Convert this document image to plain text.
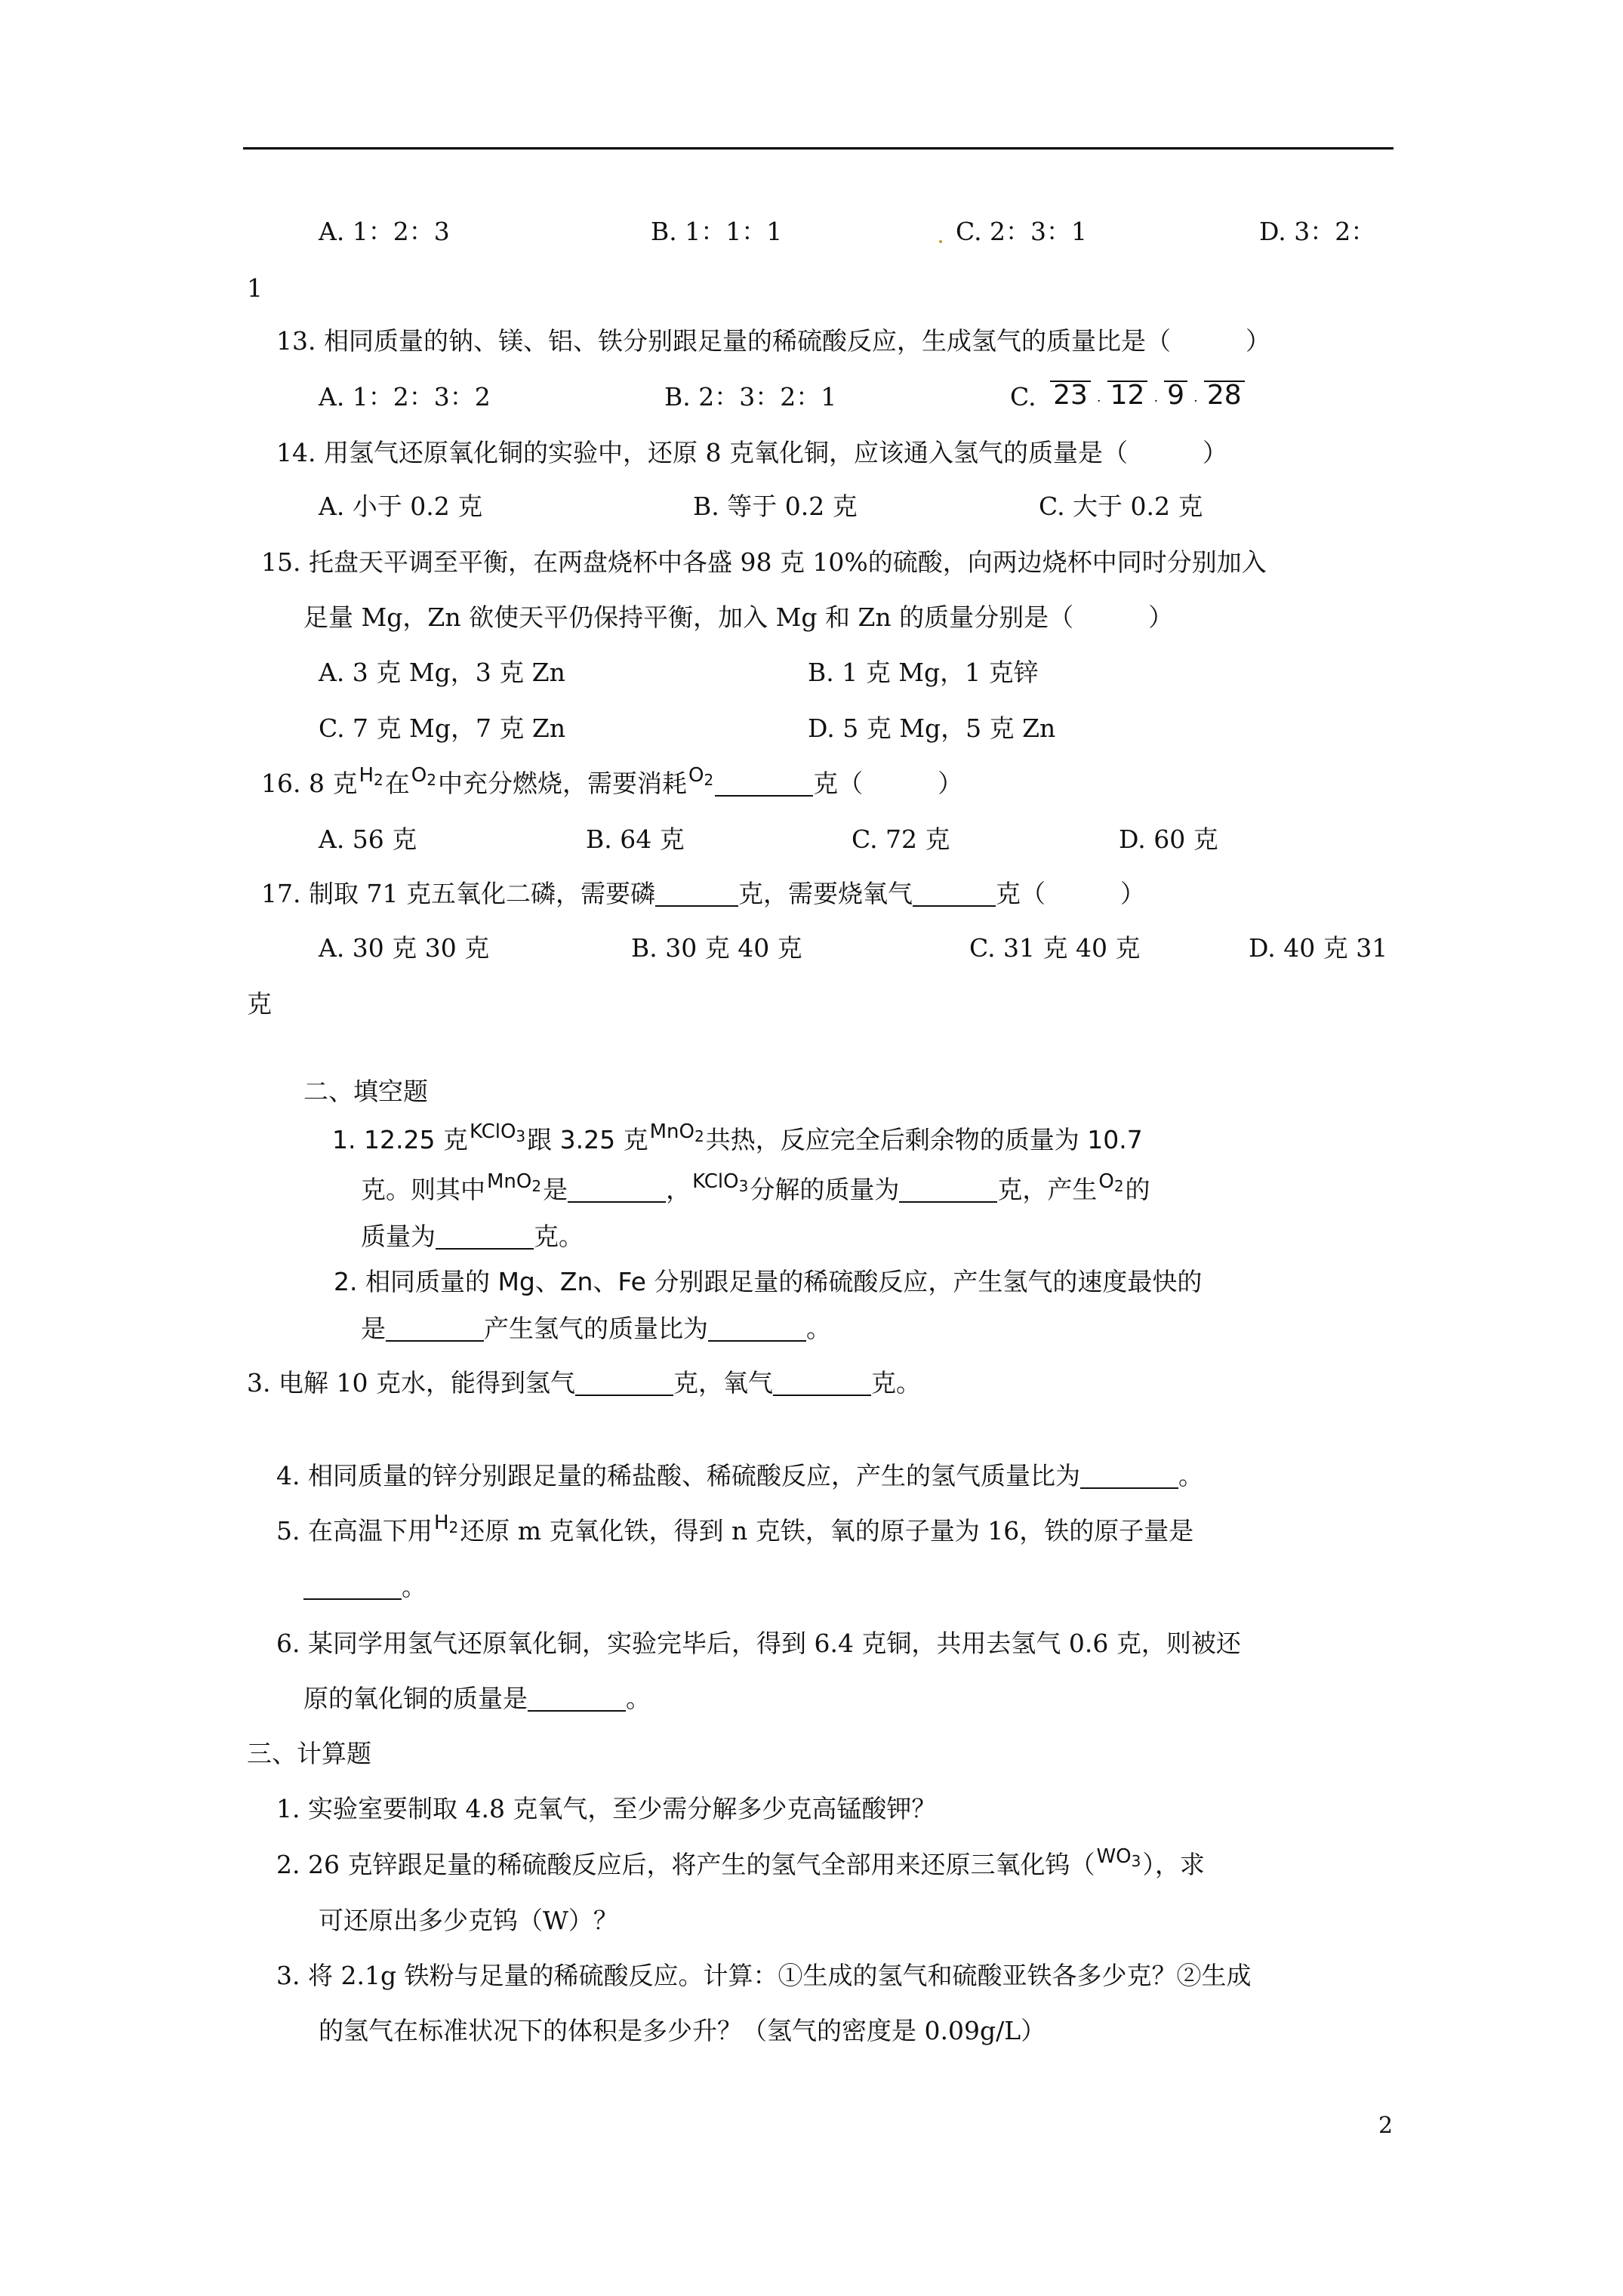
A. 1：2：3	B. 1：1：1	C. 2：3：1	D. 3：2：
1
13. 相同质量的钠、镁、铝、铁分别跟足量的稀硫酸反应，生成氢气的质量比是（　　　）
A. 1：2：3：2	B. 2：3：2：1	C. 23 · 12 · 9 · 28
14. 用氢气还原氧化铜的实验中，还原 8 克氧化铜，应该通入氢气的质量是（　　　）
A. 小于 0.2 克	B. 等于 0.2 克	C. 大于 0.2 克
15. 托盘天平调至平衡，在两盘烧杯中各盛 98 克 10%的硫酸，向两边烧杯中同时分别加入
足量 Mg，Zn 欲使天平仍保持平衡，加入 Mg 和 Zn 的质量分别是（　　　）
A. 3 克 Mg，3 克 Zn	B. 1 克 Mg，1 克锌
C. 7 克 Mg，7 克 Zn	D. 5 克 Mg，5 克 Zn
16. 8 克$H_2$在$O_2$中充分燃烧，需要消耗$O_2$	克（　　　）
A. 56 克	B. 64 克	C. 72 克	D. 60 克
17. 制取 71 克五氧化二磷，需要磷	克，需要烧氧气	克（　　　）
A. 30 克 30 克	B. 30 克 40 克	C. 31 克 40 克	D. 40 克 31
克
二、填空题
1. 12.25 克KClO$_3$跟 3.25 克MnO$_2$共热，反应完全后剩余物的质量为 10.7
克。则其中MnO$_2$是	，KClO$_3$分解的质量为	克，产生$O_2$的
质量为	克。
2. 相同质量的 Mg、Zn、Fe 分别跟足量的稀硫酸反应，产生氢气的速度最快的
是	产生氢气的质量比为	。
3. 电解 10 克水，能得到氢气	克，氧气	克。
4. 相同质量的锌分别跟足量的稀盐酸、稀硫酸反应，产生的氢气质量比为	。
5. 在高温下用$H_2$还原 m 克氧化铁，得到 n 克铁，氧的原子量为 16，铁的原子量是
。
6. 某同学用氢气还原氧化铜，实验完毕后，得到 6.4 克铜，共用去氢气 0.6 克，则被还
原的氧化铜的质量是	。
三、计算题
1. 实验室要制取 4.8 克氧气，至少需分解多少克高锰酸钾？
2. 26 克锌跟足量的稀硫酸反应后，将产生的氢气全部用来还原三氧化钨$(WO_3)$，求
可还原出多少克钨（W）？
3. 将 2.1g 铁粉与足量的稀硫酸反应。计算：①生成的氢气和硫酸亚铁各多少克？②生成
的氢气在标准状况下的体积是多少升？（氢气的密度是 0.09g/L）
2
